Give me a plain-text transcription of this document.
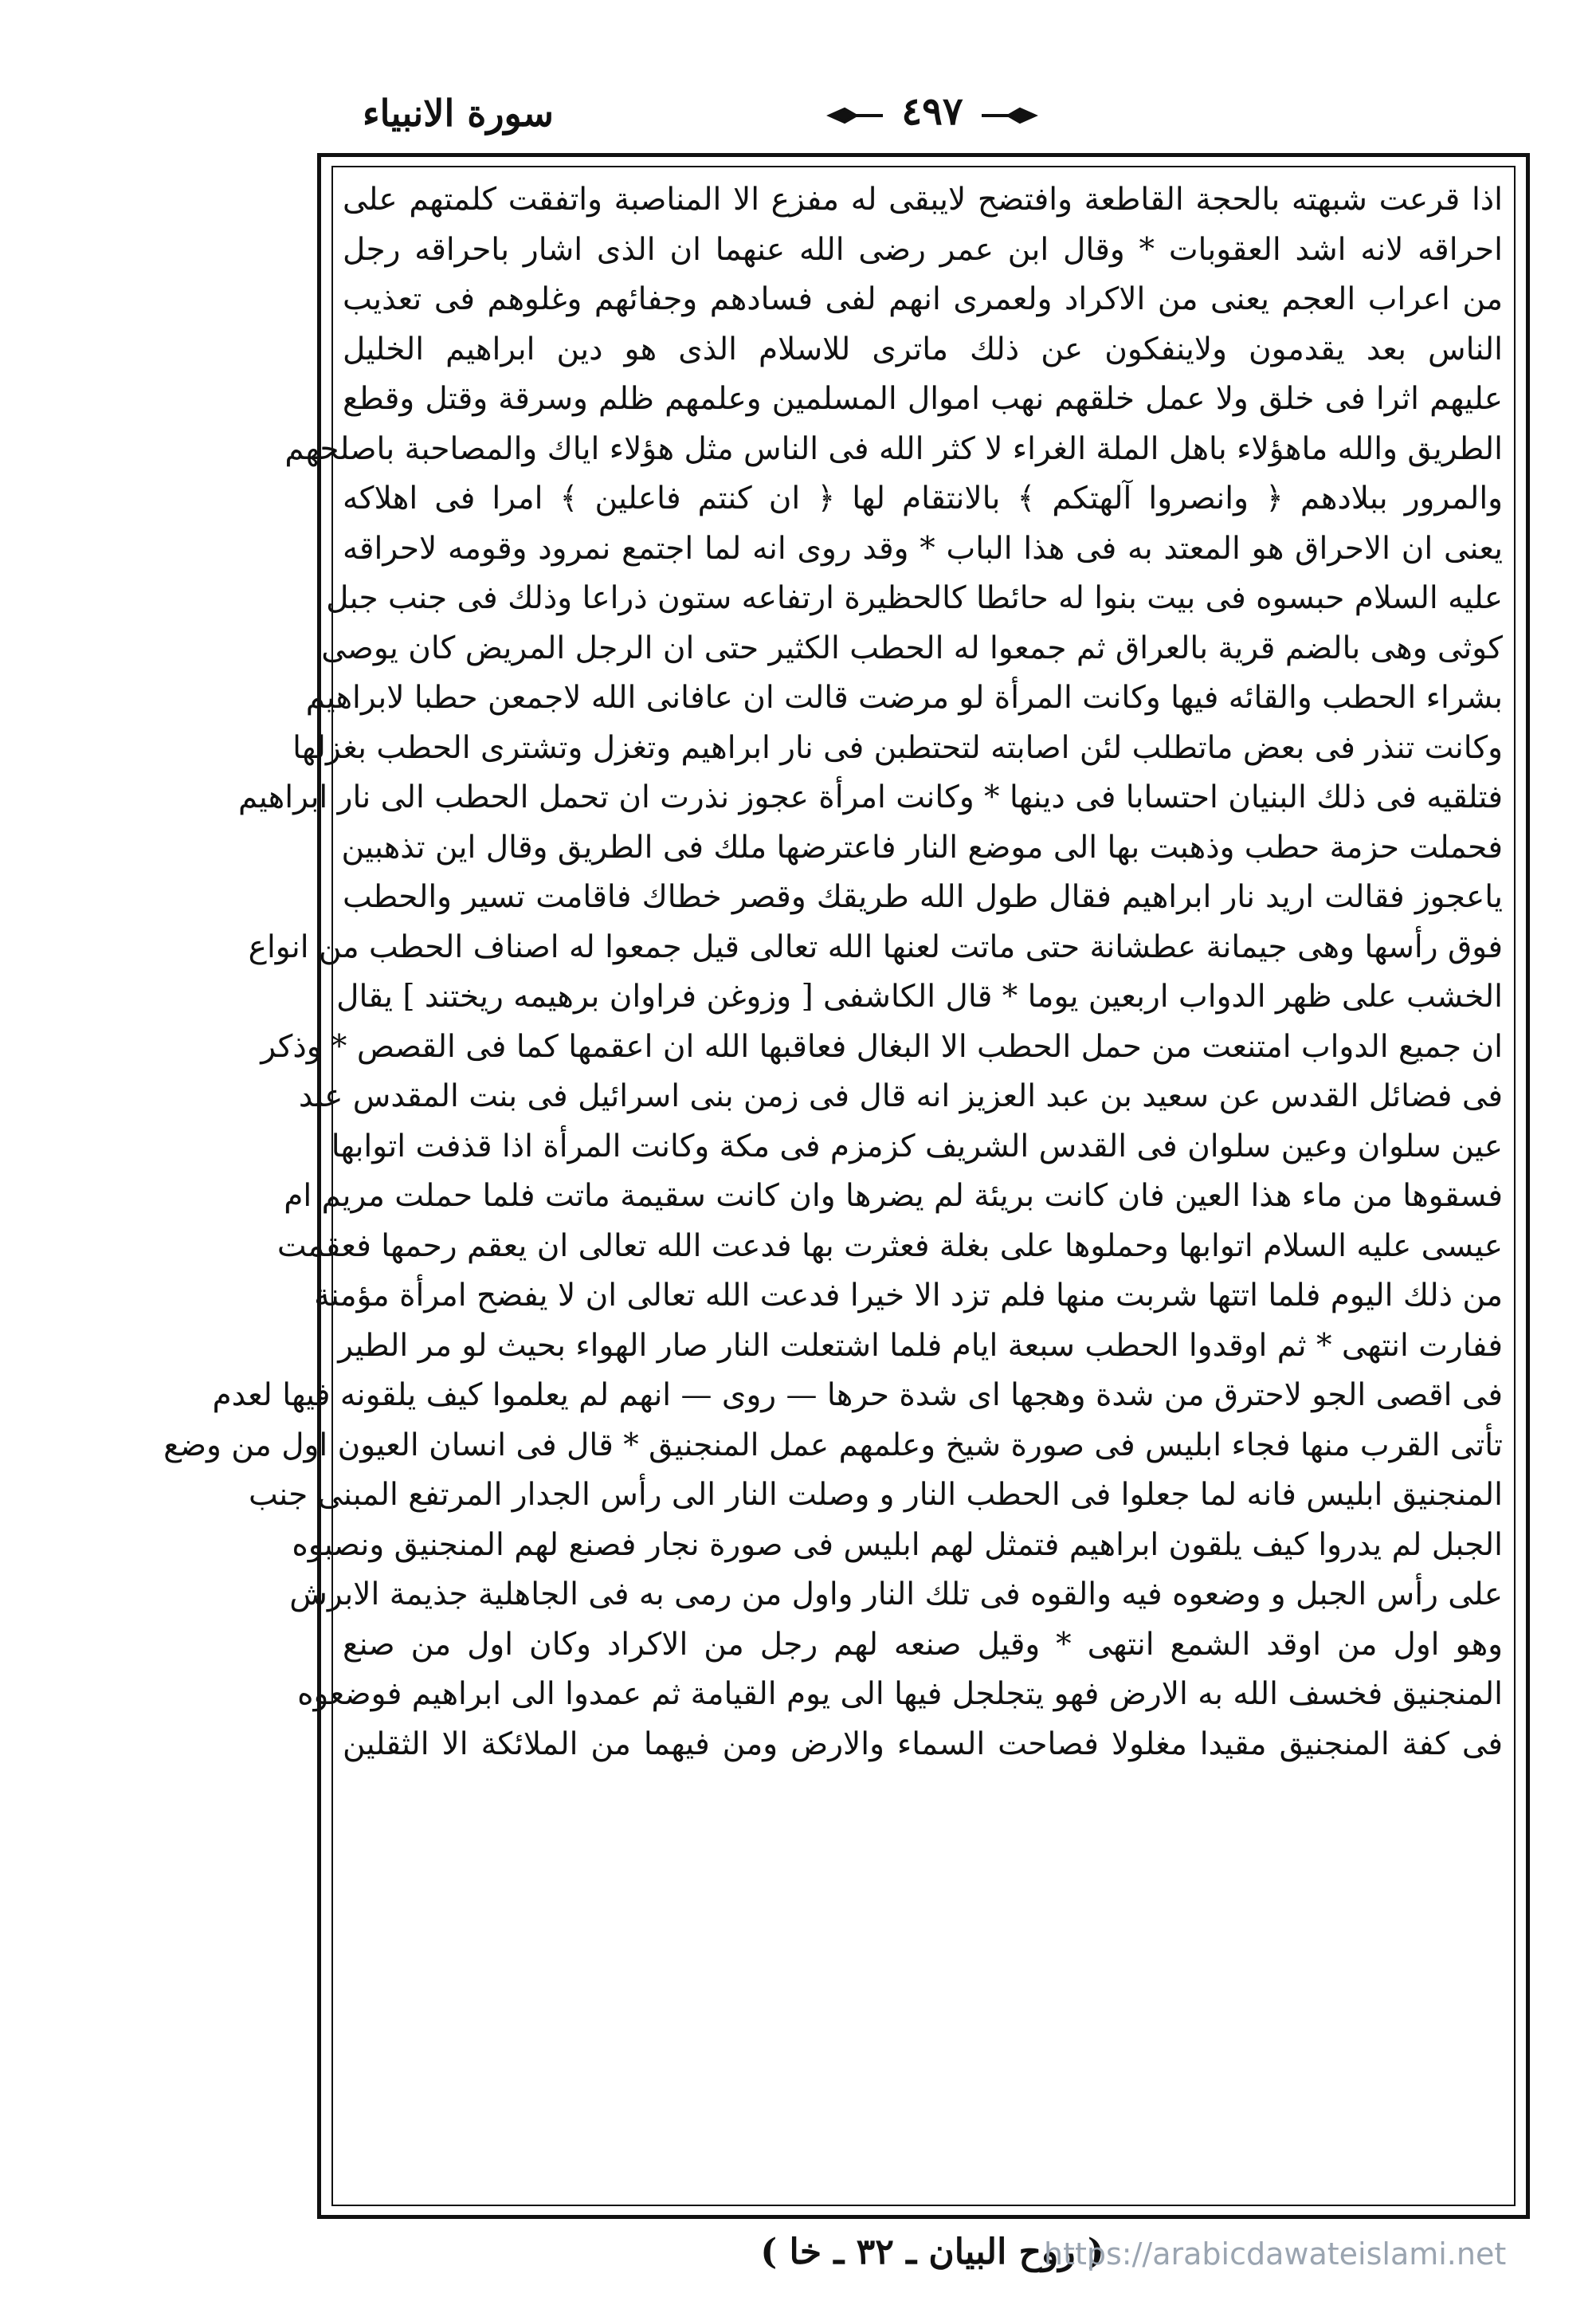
سورة الانبياء	٤٩٧
اذا قرعت شبهته بالحجة القاطعة وافتضح لايبقى له مفزع الا المناصبة واتفقت كلمتهم على
احراقه لانه اشد العقوبات * وقال ابن عمر رضى الله عنهما ان الذى اشار باحراقه رجل
من اعراب العجم يعنى من الاكراد ولعمرى انهم لفى فسادهم وجفائهم وغلوهم فى تعذيب
الناس بعد يقدمون ولاينفكون عن ذلك ماترى للاسلام الذى هو دين ابراهيم الخليل
عليهم اثرا فى خلق ولا عمل خلقهم نهب اموال المسلمين وعلمهم ظلم وسرقة وقتل وقطع
الطريق والله ماهؤلاء باهل الملة الغراء لا كثر الله فى الناس مثل هؤلاء اياك والمصاحبة باصلحهم
والمرور ببلادهم ﴿ وانصروا آلهتكم ﴾ بالانتقام لها ﴿ ان كنتم فاعلين ﴾ امرا فى اهلاكه
يعنى ان الاحراق هو المعتد به فى هذا الباب * وقد روى انه لما اجتمع نمرود وقومه لاحراقه
عليه السلام حبسوه فى بيت بنوا له حائطا كالحظيرة ارتفاعه ستون ذراعا وذلك فى جنب جبل
كوثى وهى بالضم قرية بالعراق ثم جمعوا له الحطب الكثير حتى ان الرجل المريض كان يوصى
بشراء الحطب والقائه فيها وكانت المرأة لو مرضت قالت ان عافانى الله لاجمعن حطبا لابراهيم
وكانت تنذر فى بعض ماتطلب لئن اصابته لتحتطبن فى نار ابراهيم وتغزل وتشترى الحطب بغزلها
فتلقيه فى ذلك البنيان احتسابا فى دينها * وكانت امرأة عجوز نذرت ان تحمل الحطب الى نار ابراهيم
فحملت حزمة حطب وذهبت بها الى موضع النار فاعترضها ملك فى الطريق وقال اين تذهبين
ياعجوز فقالت اريد نار ابراهيم فقال طول الله طريقك وقصر خطاك فاقامت تسير والحطب
فوق رأسها وهى جيمانة عطشانة حتى ماتت لعنها الله تعالى قيل جمعوا له اصناف الحطب من انواع
الخشب على ظهر الدواب اربعين يوما * قال الكاشفى [ وزوغن فراوان برهيمه ريختند ] يقال
ان جميع الدواب امتنعت من حمل الحطب الا البغال فعاقبها الله ان اعقمها كما فى القصص * وذكر
فى فضائل القدس عن سعيد بن عبد العزيز انه قال فى زمن بنى اسرائيل فى بنت المقدس عند
عين سلوان وعين سلوان فى القدس الشريف كزمزم فى مكة وكانت المرأة اذا قذفت اتوابها
فسقوها من ماء هذا العين فان كانت بريئة لم يضرها وان كانت سقيمة ماتت فلما حملت مريم ام
عيسى عليه السلام اتوابها وحملوها على بغلة فعثرت بها فدعت الله تعالى ان يعقم رحمها فعقمت
من ذلك اليوم فلما اتتها شربت منها فلم تزد الا خيرا فدعت الله تعالى ان لا يفضح امرأة مؤمنة
ففارت انتهى * ثم اوقدوا الحطب سبعة ايام فلما اشتعلت النار صار الهواء بحيث لو مر الطير
فى اقصى الجو لاحترق من شدة وهجها اى شدة حرها — روى — انهم لم يعلموا كيف يلقونه فيها لعدم
تأتى القرب منها فجاء ابليس فى صورة شيخ وعلمهم عمل المنجنيق * قال فى انسان العيون اول من وضع
المنجنيق ابليس فانه لما جعلوا فى الحطب النار و وصلت النار الى رأس الجدار المرتفع المبنى جنب
الجبل لم يدروا كيف يلقون ابراهيم فتمثل لهم ابليس فى صورة نجار فصنع لهم المنجنيق ونصبوه
على رأس الجبل و وضعوه فيه والقوه فى تلك النار واول من رمى به فى الجاهلية جذيمة الابرش
وهو اول من اوقد الشمع انتهى * وقيل صنعه لهم رجل من الاكراد وكان اول من صنع
المنجنيق فخسف الله به الارض فهو يتجلجل فيها الى يوم القيامة ثم عمدوا الى ابراهيم فوضعوه
فى كفة المنجنيق مقيدا مغلولا فصاحت السماء والارض ومن فيهما من الملائكة الا الثقلين
( روح البيان ـ ٣٢ ـ خا )
https://arabicdawateislami.net
